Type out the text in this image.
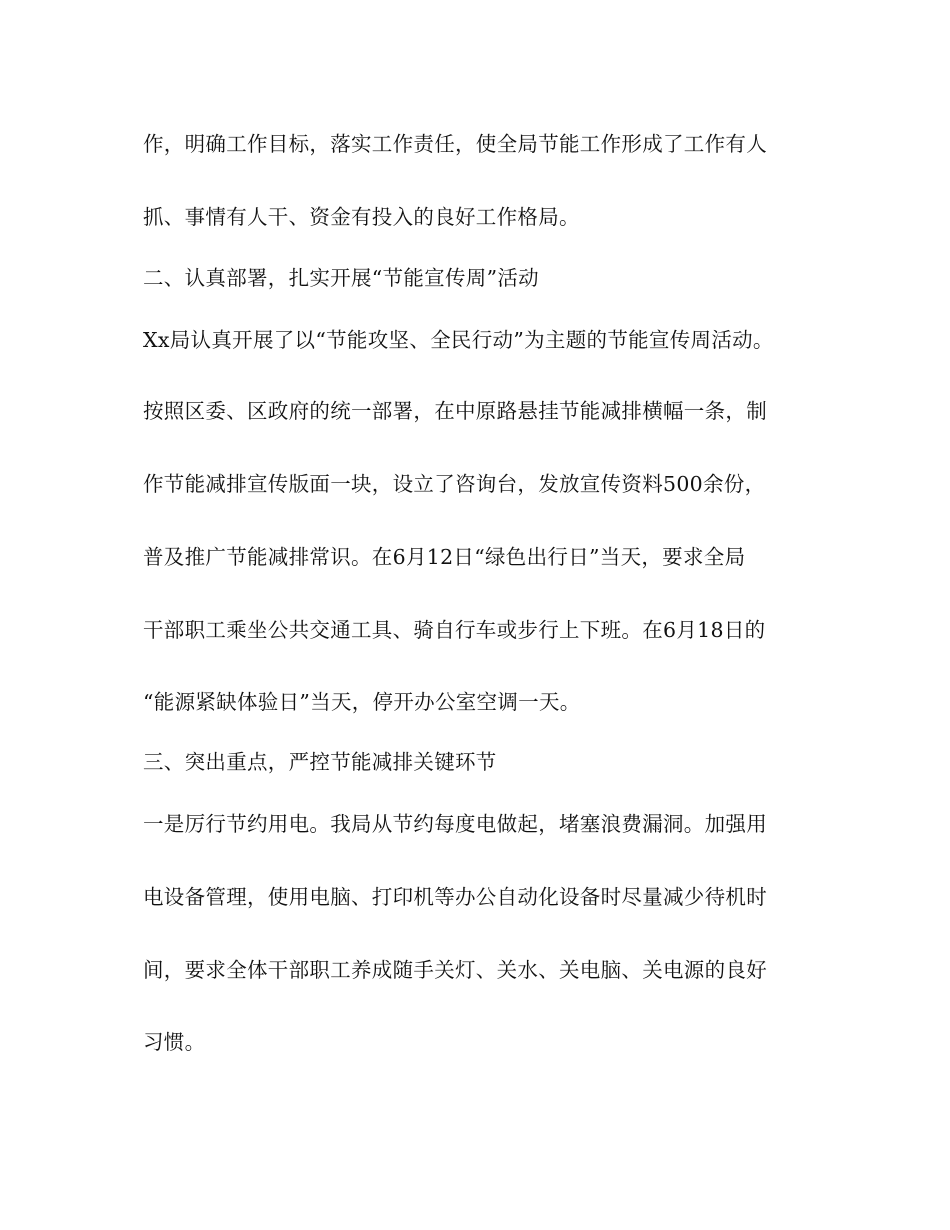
作，明确工作目标，落实工作责任，使全局节能工作形成了工作有人
抓、事情有人干、资金有投入的良好工作格局。
二、认真部署，扎实开展“节能宣传周”活动
Xx局认真开展了以“节能攻坚、全民行动”为主题的节能宣传周活动。
按照区委、区政府的统一部署，在中原路悬挂节能减排横幅一条，制
作节能减排宣传版面一块，设立了咨询台，发放宣传资料500余份，
普及推广节能减排常识。在6月12日“绿色出行日”当天，要求全局
干部职工乘坐公共交通工具、骑自行车或步行上下班。在6月18日的
“能源紧缺体验日”当天，停开办公室空调一天。
三、突出重点，严控节能减排关键环节
一是厉行节约用电。我局从节约每度电做起，堵塞浪费漏洞。加强用
电设备管理，使用电脑、打印机等办公自动化设备时尽量减少待机时
间，要求全体干部职工养成随手关灯、关水、关电脑、关电源的良好
习惯。
